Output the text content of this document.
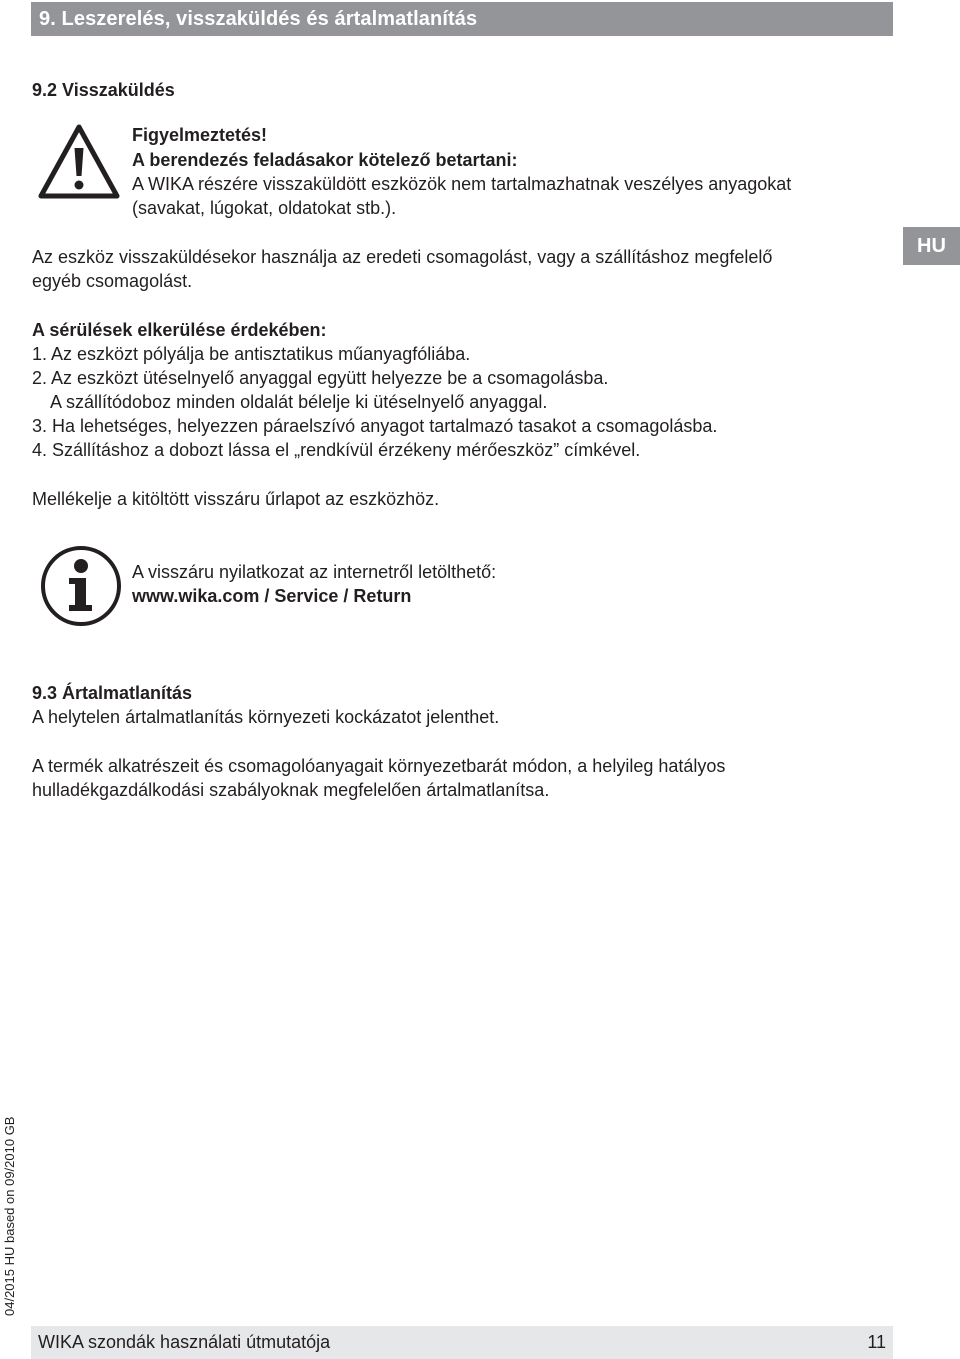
9. Leszerelés, visszaküldés és ártalmatlanítás
9.2 Visszaküldés
Figyelmeztetés!
A berendezés feladásakor kötelező betartani:
A WIKA részére visszaküldött eszközök nem tartalmazhatnak veszélyes anyagokat
(savakat, lúgokat, oldatokat stb.).
Az eszköz visszaküldésekor használja az eredeti csomagolást, vagy a szállításhoz megfelelő
egyéb csomagolást.
HU
A sérülések elkerülése érdekében:
1. Az eszközt pólyálja be antisztatikus műanyagfóliába.
2. Az eszközt ütéselnyelő anyaggal együtt helyezze be a csomagolásba.
A szállítódoboz minden oldalát bélelje ki ütéselnyelő anyaggal.
3. Ha lehetséges, helyezzen páraelszívó anyagot tartalmazó tasakot a csomagolásba.
4. Szállításhoz a dobozt lássa el „rendkívül érzékeny mérőeszköz” címkével.
Mellékelje a kitöltött visszáru űrlapot az eszközhöz.
A visszáru nyilatkozat az internetről letölthető:
www.wika.com / Service / Return
9.3 Ártalmatlanítás
A helytelen ártalmatlanítás környezeti kockázatot jelenthet.
A termék alkatrészeit és csomagolóanyagait környezetbarát módon, a helyileg hatályos
hulladékgazdálkodási szabályoknak megfelelően ártalmatlanítsa.
04/2015 HU based on 09/2010 GB
WIKA szondák használati útmutatója	11
